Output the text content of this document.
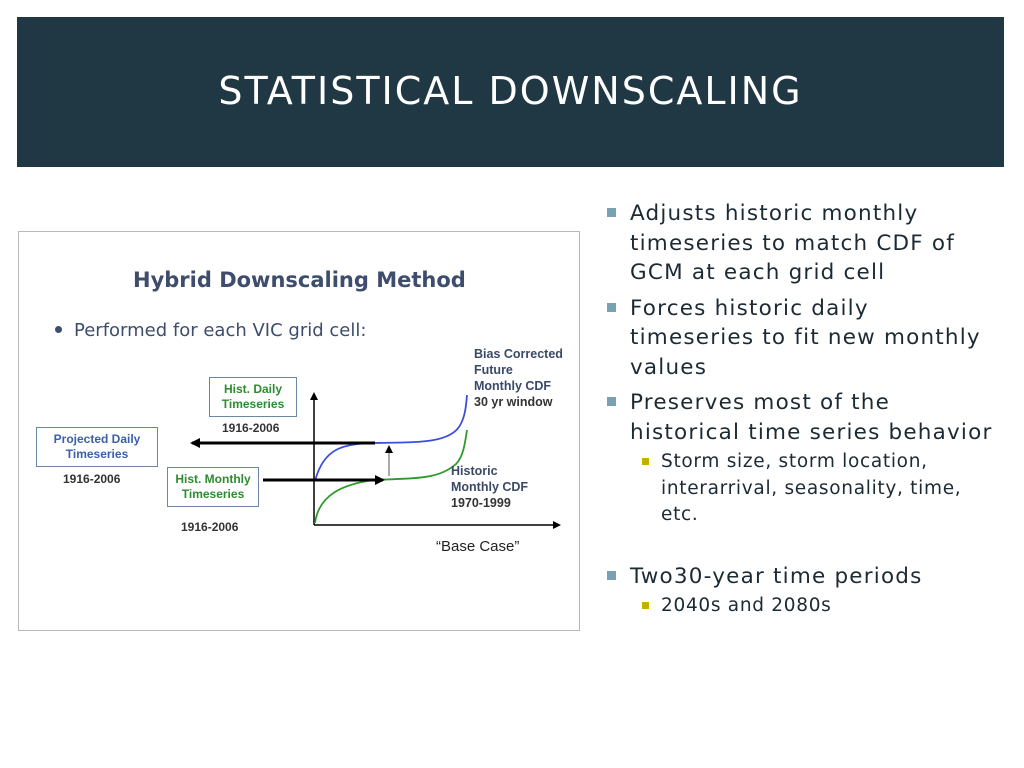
STATISTICAL DOWNSCALING
Hybrid Downscaling Method
Performed for each VIC grid cell:
Hist. Daily
Timeseries
1916-2006
Projected Daily
Timeseries
1916-2006	Hist. Monthly
Timeseries
1916-2006
Bias Corrected
Future
Monthly CDF
30 yr window
Historic
Monthly CDF
1970-1999
“Base Case”
Adjusts historic monthly timeseries to match CDF of GCM at each grid cell
Forces historic daily timeseries to fit new monthly values
Preserves most of the historical time series behavior
Storm size, storm location, interarrival, seasonality, time, etc.
Two30-year time periods
2040s and 2080s
